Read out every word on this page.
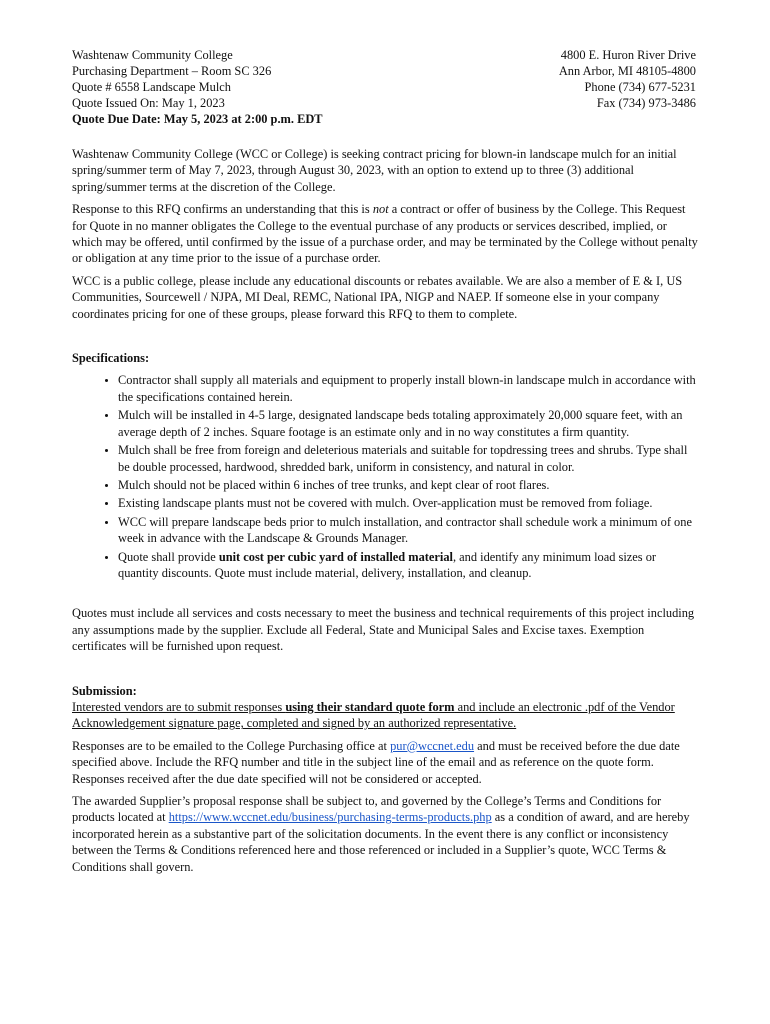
Washtenaw Community College
Purchasing Department – Room SC 326
Quote # 6558 Landscape Mulch
Quote Issued On: May 1, 2023
Quote Due Date: May 5, 2023 at 2:00 p.m. EDT
4800 E. Huron River Drive
Ann Arbor, MI 48105-4800
Phone (734) 677-5231
Fax (734) 973-3486

Washtenaw Community College (WCC or College) is seeking contract pricing for blown-in landscape mulch for an initial spring/summer term of May 7, 2023, through August 30, 2023, with an option to extend up to three (3) additional spring/summer terms at the discretion of the College.

Response to this RFQ confirms an understanding that this is not a contract or offer of business by the College. This Request for Quote in no manner obligates the College to the eventual purchase of any products or services described, implied, or which may be offered, until confirmed by the issue of a purchase order, and may be terminated by the College without penalty or obligation at any time prior to the issue of a purchase order.

WCC is a public college, please include any educational discounts or rebates available. We are also a member of E & I, US Communities, Sourcewell / NJPA, MI Deal, REMC, National IPA, NIGP and NAEP. If someone else in your company coordinates pricing for one of these groups, please forward this RFQ to them to complete.

Specifications:
• Contractor shall supply all materials and equipment to properly install blown-in landscape mulch in accordance with the specifications contained herein.
• Mulch will be installed in 4-5 large, designated landscape beds totaling approximately 20,000 square feet, with an average depth of 2 inches. Square footage is an estimate only and in no way constitutes a firm quantity.
• Mulch shall be free from foreign and deleterious materials and suitable for topdressing trees and shrubs. Type shall be double processed, hardwood, shredded bark, uniform in consistency, and natural in color.
• Mulch should not be placed within 6 inches of tree trunks, and kept clear of root flares.
• Existing landscape plants must not be covered with mulch. Over-application must be removed from foliage.
• WCC will prepare landscape beds prior to mulch installation, and contractor shall schedule work a minimum of one week in advance with the Landscape & Grounds Manager.
• Quote shall provide unit cost per cubic yard of installed material, and identify any minimum load sizes or quantity discounts. Quote must include material, delivery, installation, and cleanup.

Quotes must include all services and costs necessary to meet the business and technical requirements of this project including any assumptions made by the supplier. Exclude all Federal, State and Municipal Sales and Excise taxes. Exemption certificates will be furnished upon request.

Submission:

Interested vendors are to submit responses using their standard quote form and include an electronic .pdf of the Vendor Acknowledgement signature page, completed and signed by an authorized representative.

Responses are to be emailed to the College Purchasing office at pur@wccnet.edu and must be received before the due date specified above. Include the RFQ number and title in the subject line of the email and as reference on the quote form. Responses received after the due date specified will not be considered or accepted.

The awarded Supplier’s proposal response shall be subject to, and governed by the College’s Terms and Conditions for products located at https://www.wccnet.edu/business/purchasing-terms-products.php as a condition of award, and are hereby incorporated herein as a substantive part of the solicitation documents. In the event there is any conflict or inconsistency between the Terms & Conditions referenced here and those referenced or included in a Supplier’s quote, WCC Terms & Conditions shall govern.
